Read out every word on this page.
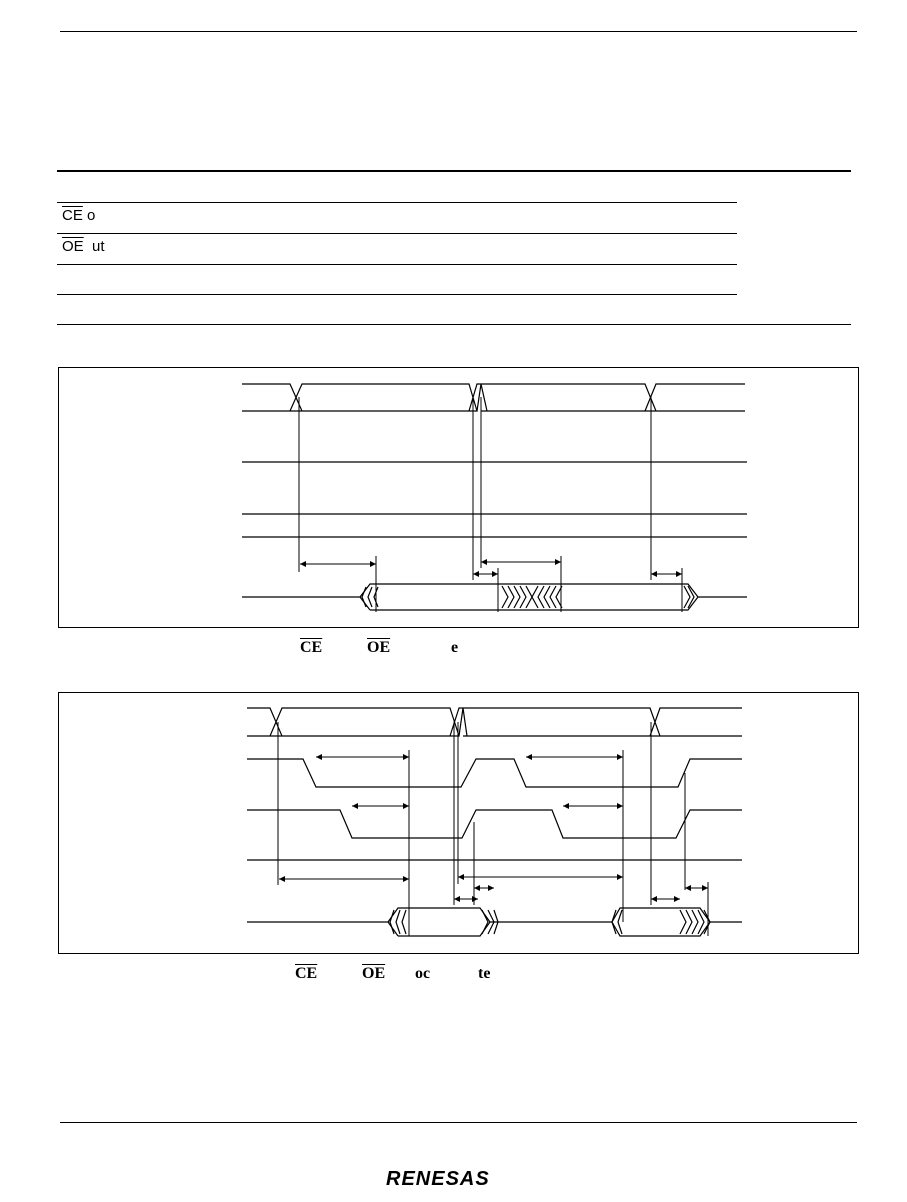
$\overline{CE}$ o
$\overline{OE}$ ut
$\overline{CE}$	$\overline{OE}$	e
$\overline{CE}$	$\overline{OE}$ oc	te
RENESAS
